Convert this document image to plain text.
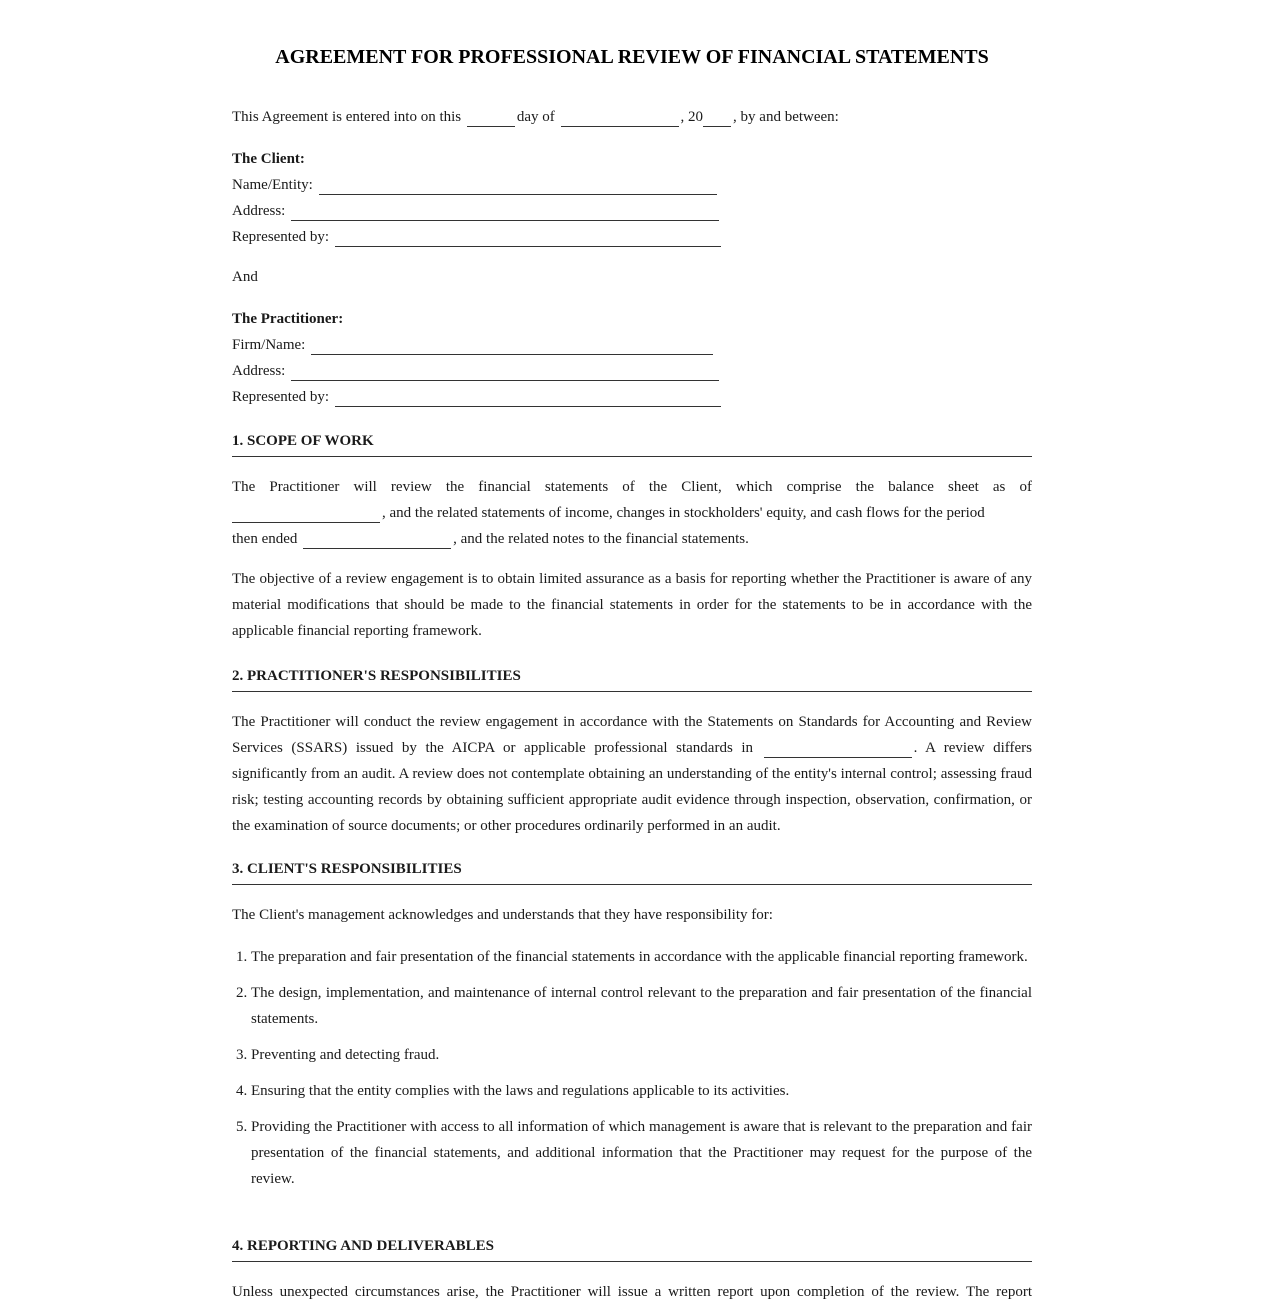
AGREEMENT FOR PROFESSIONAL REVIEW OF FINANCIAL STATEMENTS
This Agreement is entered into on this	day of	, 20 , by and between:
The Client:
Name/Entity:
Address:
Represented by:
And
The Practitioner:
Firm/Name:
Address:
Represented by:
1. SCOPE OF WORK
The Practitioner will review the financial statements of the Client, which comprise the balance sheet as of
, and the related statements of income, changes in stockholders' equity, and cash flows for the period
then ended	, and the related notes to the financial statements.
The objective of a review engagement is to obtain limited assurance as a basis for reporting whether the Practitioner is aware of any material modifications that should be made to the financial statements in order for the statements to be in accordance with the applicable financial reporting framework.
2. PRACTITIONER'S RESPONSIBILITIES
The Practitioner will conduct the review engagement in accordance with the Statements on Standards for Accounting and Review Services (SSARS) issued by the AICPA or applicable professional standards in	. A review differs significantly from an audit. A review does not contemplate obtaining an understanding of the entity's internal control; assessing fraud risk; testing accounting records by obtaining sufficient appropriate audit evidence through inspection, observation, confirmation, or the examination of source documents; or other procedures ordinarily performed in an audit.
3. CLIENT'S RESPONSIBILITIES
The Client's management acknowledges and understands that they have responsibility for:
1. The preparation and fair presentation of the financial statements in accordance with the applicable financial reporting framework.
2. The design, implementation, and maintenance of internal control relevant to the preparation and fair presentation of the financial statements.
3. Preventing and detecting fraud.
4. Ensuring that the entity complies with the laws and regulations applicable to its activities.
5. Providing the Practitioner with access to all information of which management is aware that is relevant to the preparation and fair presentation of the financial statements, and additional information that the Practitioner may request for the purpose of the review.
4. REPORTING AND DELIVERABLES
Unless unexpected circumstances arise, the Practitioner will issue a written report upon completion of the review. The report
